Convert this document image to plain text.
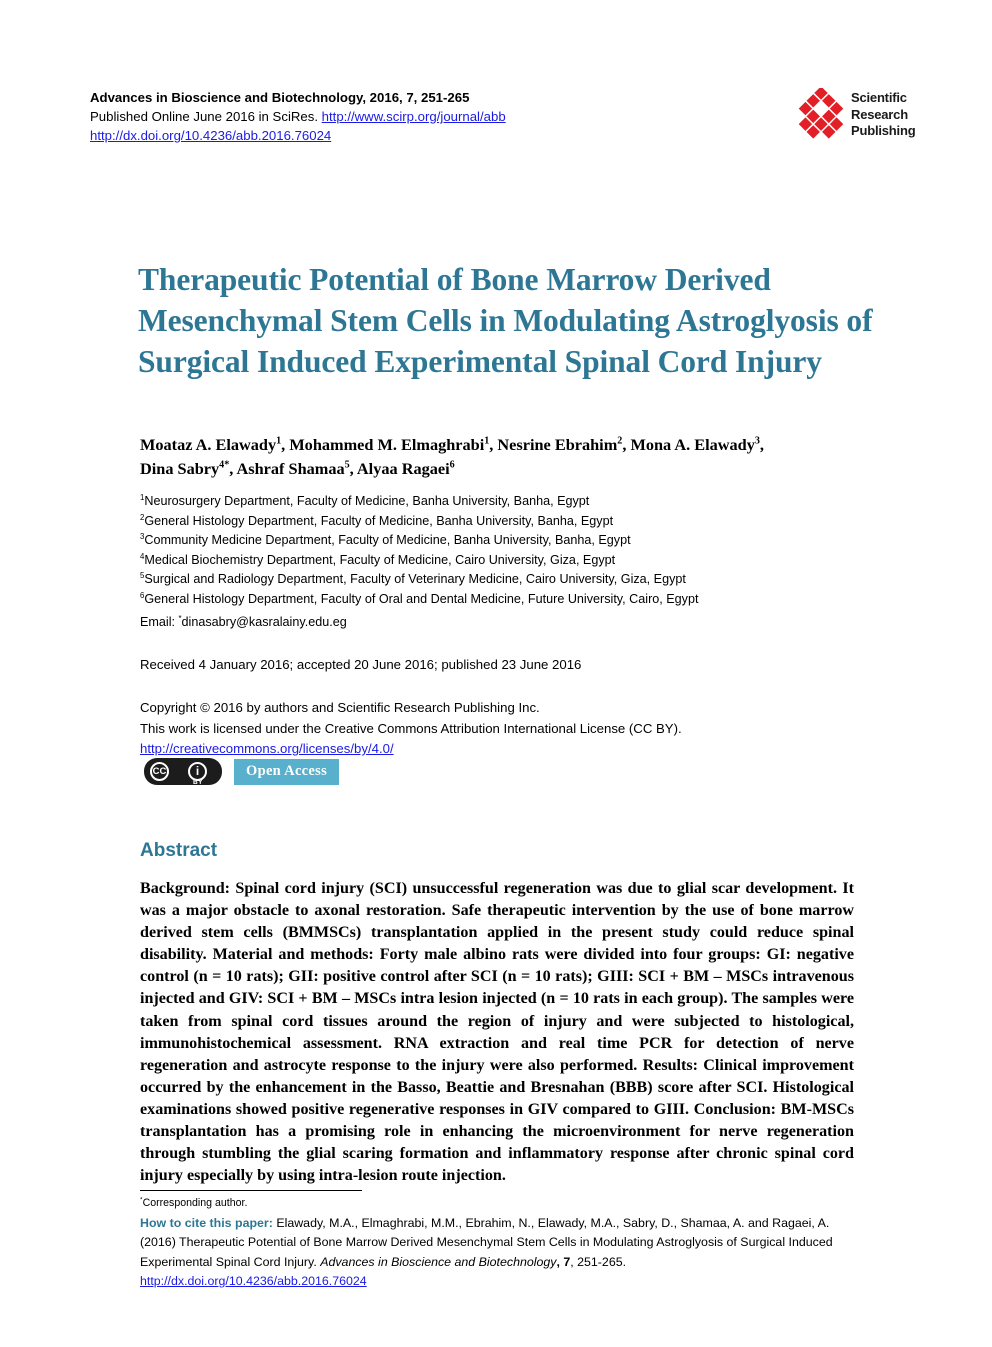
Advances in Bioscience and Biotechnology, 2016, 7, 251-265
Published Online June 2016 in SciRes. http://www.scirp.org/journal/abb
http://dx.doi.org/10.4236/abb.2016.76024
Scientific
Research
Publishing
Therapeutic Potential of Bone Marrow Derived Mesenchymal Stem Cells in Modulating Astroglyosis of Surgical Induced Experimental Spinal Cord Injury
Moataz A. Elawady$^1$, Mohammed M. Elmaghrabi$^1$, Nesrine Ebrahim$^2$, Mona A. Elawady$^3$,
Dina Sabry$^{4*}$, Ashraf Shamaa$^5$, Alyaa Ragaei$^6$
$^1$Neurosurgery Department, Faculty of Medicine, Banha University, Banha, Egypt
$^2$General Histology Department, Faculty of Medicine, Banha University, Banha, Egypt
$^3$Community Medicine Department, Faculty of Medicine, Banha University, Banha, Egypt
$^4$Medical Biochemistry Department, Faculty of Medicine, Cairo University, Giza, Egypt
$^5$Surgical and Radiology Department, Faculty of Veterinary Medicine, Cairo University, Giza, Egypt
$^6$General Histology Department, Faculty of Oral and Dental Medicine, Future University, Cairo, Egypt
Email: *dinasabry@kasralainy.edu.eg
Received 4 January 2016; accepted 20 June 2016; published 23 June 2016
Copyright © 2016 by authors and Scientific Research Publishing Inc.
This work is licensed under the Creative Commons Attribution International License (CC BY).
http://creativecommons.org/licenses/by/4.0/
CC	i
BY
Open Access
Abstract
Background: Spinal cord injury (SCI) unsuccessful regeneration was due to glial scar development. It was a major obstacle to axonal restoration. Safe therapeutic intervention by the use of bone marrow derived stem cells (BMMSCs) transplantation applied in the present study could reduce spinal disability. Material and methods: Forty male albino rats were divided into four groups: GI: negative control (n = 10 rats); GII: positive control after SCI (n = 10 rats); GIII: SCI + BM – MSCs intravenous injected and GIV: SCI + BM – MSCs intra lesion injected (n = 10 rats in each group). The samples were taken from spinal cord tissues around the region of injury and were subjected to histological, immunohistochemical assessment. RNA extraction and real time PCR for detection of nerve regeneration and astrocyte response to the injury were also performed. Results: Clinical improvement occurred by the enhancement in the Basso, Beattie and Bresnahan (BBB) score after SCI. Histological examinations showed positive regenerative responses in GIV compared to GIII. Conclusion: BM-MSCs transplantation has a promising role in enhancing the microenvironment for nerve regeneration through stumbling the glial scaring formation and inflammatory response after chronic spinal cord injury especially by using intra-lesion route injection.
*Corresponding author.
How to cite this paper: Elawady, M.A., Elmaghrabi, M.M., Ebrahim, N., Elawady, M.A., Sabry, D., Shamaa, A. and Ragaei, A. (2016) Therapeutic Potential of Bone Marrow Derived Mesenchymal Stem Cells in Modulating Astroglyosis of Surgical Induced Experimental Spinal Cord Injury. Advances in Bioscience and Biotechnology, 7, 251-265.
http://dx.doi.org/10.4236/abb.2016.76024
